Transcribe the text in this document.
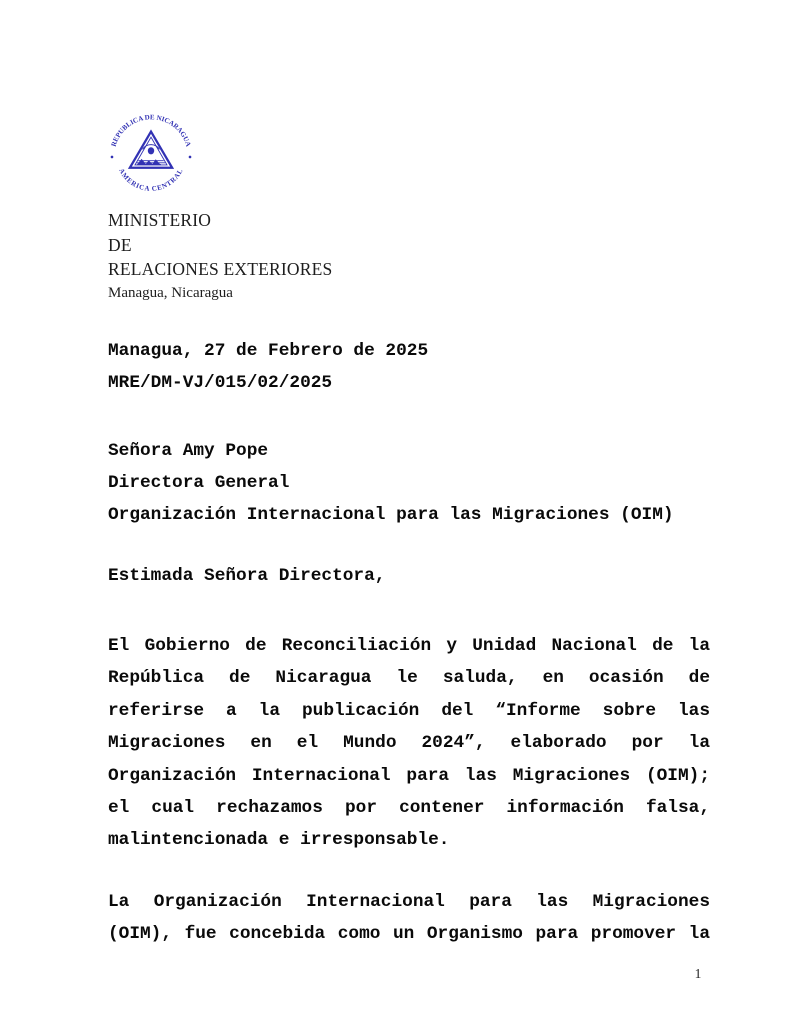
REPUBLICA DE NICARAGUA
AMERICA CENTRAL
MINISTERIO
DE
RELACIONES EXTERIORES
Managua, Nicaragua
Managua, 27 de Febrero de 2025
MRE/DM-VJ/015/02/2025
Señora Amy Pope
Directora General
Organización Internacional para las Migraciones (OIM)
Estimada Señora Directora,
El Gobierno de Reconciliación y Unidad Nacional de la
República de Nicaragua le saluda, en ocasión de
referirse a la publicación del “Informe sobre las
Migraciones en el Mundo 2024”, elaborado por la
Organización Internacional para las Migraciones (OIM);
el cual rechazamos por contener información falsa,
malintencionada e irresponsable.
La Organización Internacional para las Migraciones
(OIM), fue concebida como un Organismo para promover la
1
